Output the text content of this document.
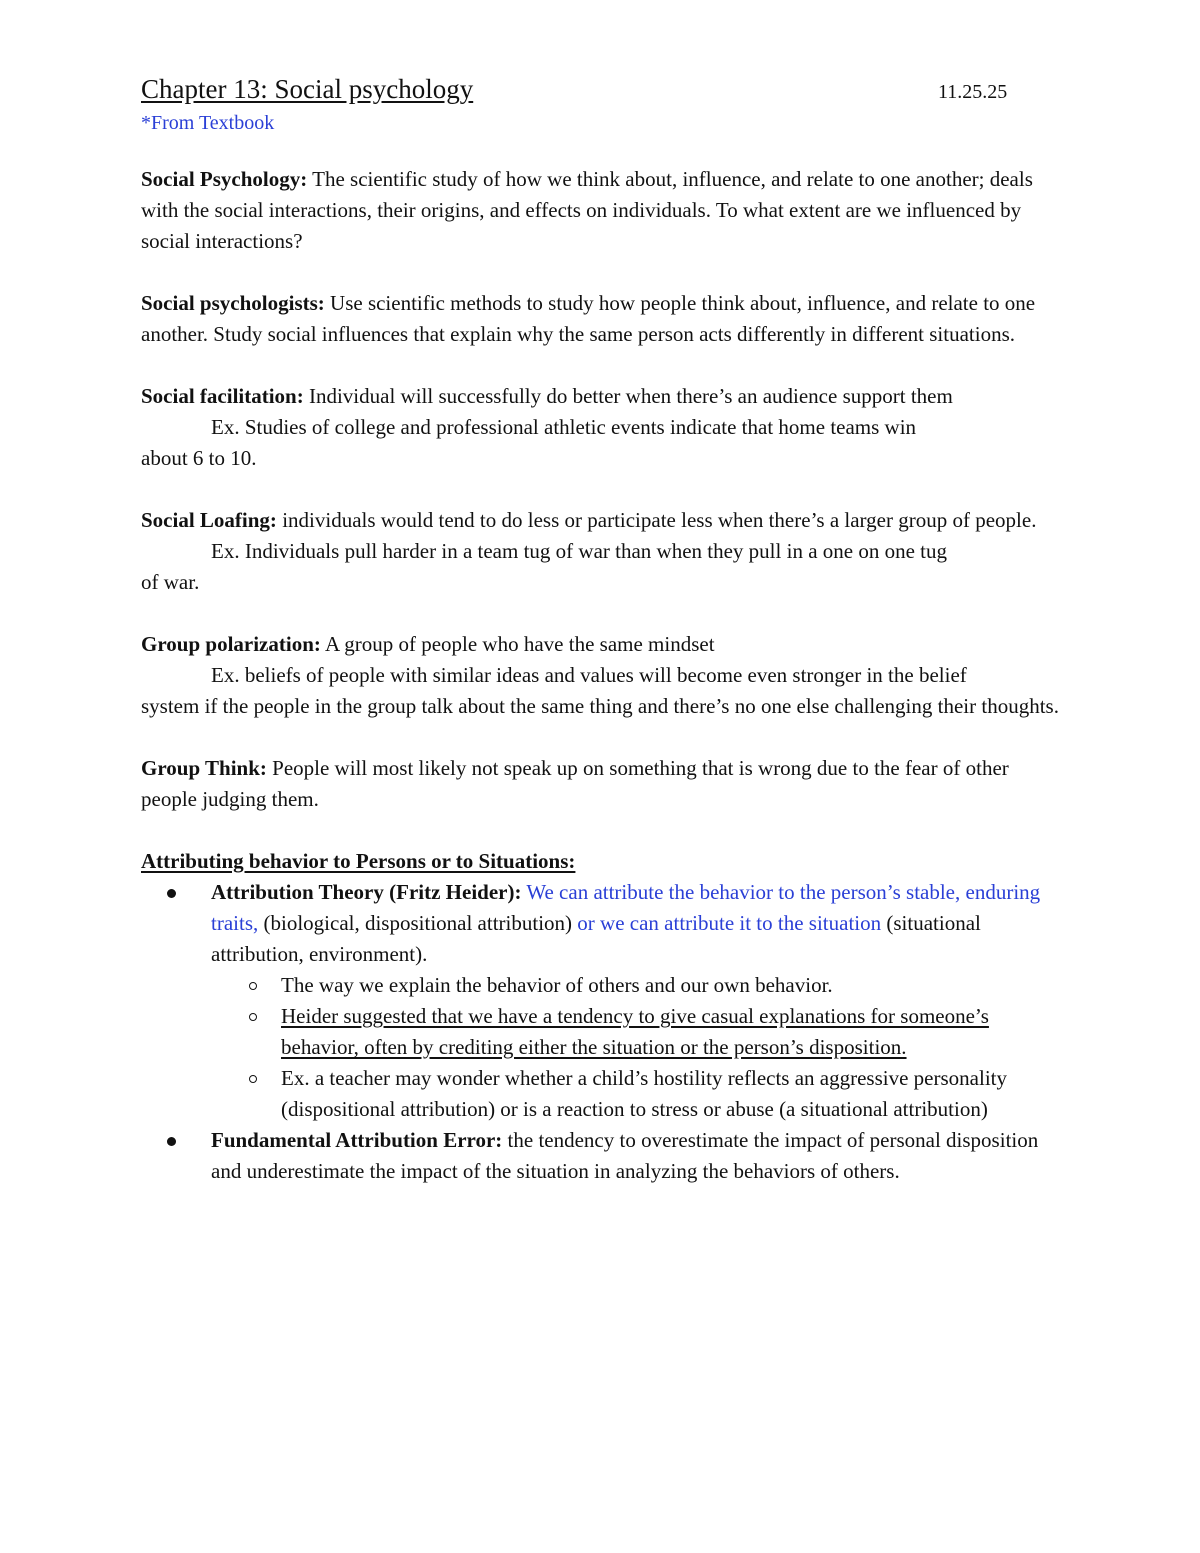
Chapter 13: Social psychology	11.25.25
*From Textbook

Social Psychology: The scientific study of how we think about, influence, and relate to one another; deals with the social interactions, their origins, and effects on individuals. To what extent are we influenced by social interactions?

Social psychologists: Use scientific methods to study how people think about, influence, and relate to one another. Study social influences that explain why the same person acts differently in different situations.

Social facilitation: Individual will successfully do better when there’s an audience support them

Ex. Studies of college and professional athletic events indicate that home teams win

about 6 to 10.

Social Loafing: individuals would tend to do less or participate less when there’s a larger group of people.

Ex. Individuals pull harder in a team tug of war than when they pull in a one on one tug

of war.

Group polarization: A group of people who have the same mindset

Ex. beliefs of people with similar ideas and values will become even stronger in the belief

system if the people in the group talk about the same thing and there’s no one else challenging their thoughts.

Group Think: People will most likely not speak up on something that is wrong due to the fear of other people judging them.

Attributing behavior to Persons or to Situations:
Attribution Theory (Fritz Heider): We can attribute the behavior to the person’s stable, enduring traits, (biological, dispositional attribution) or we can attribute it to the situation (situational attribution, environment).
The way we explain the behavior of others and our own behavior.
Heider suggested that we have a tendency to give casual explanations for someone’s behavior, often by crediting either the situation or the person’s disposition.
Ex. a teacher may wonder whether a child’s hostility reflects an aggressive personality (dispositional attribution) or is a reaction to stress or abuse (a situational attribution)
Fundamental Attribution Error: the tendency to overestimate the impact of personal disposition and underestimate the impact of the situation in analyzing the behaviors of others.
